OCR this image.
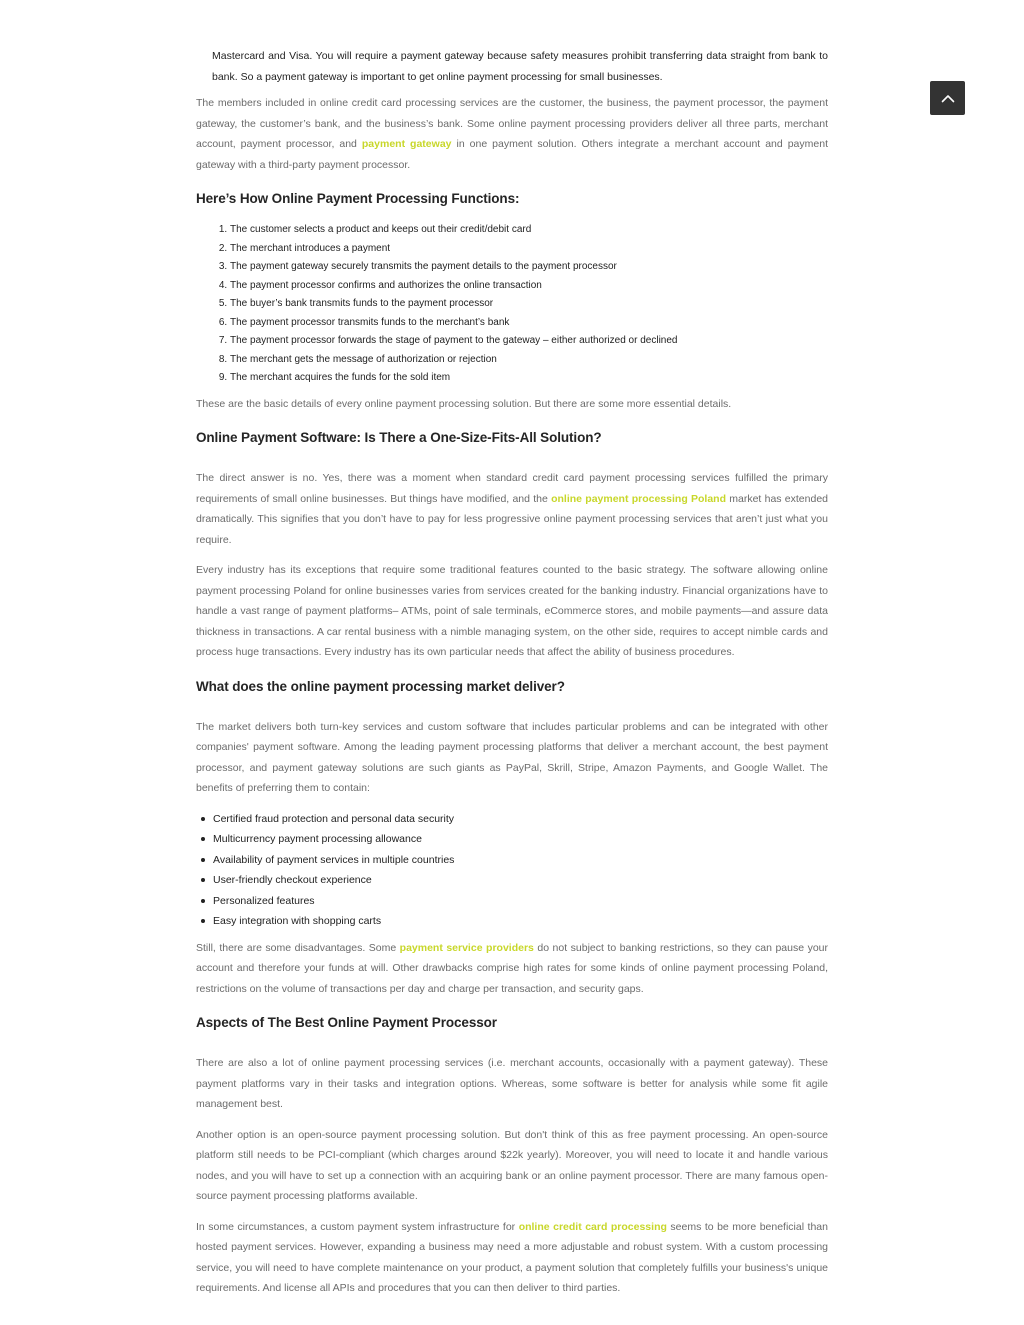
Mastercard and Visa. You will require a payment gateway because safety measures prohibit transferring data straight from bank to bank. So a payment gateway is important to get online payment processing for small businesses.

The members included in online credit card processing services are the customer, the business, the payment processor, the payment gateway, the customer’s bank, and the business’s bank. Some online payment processing providers deliver all three parts, merchant account, payment processor, and payment gateway in one payment solution. Others integrate a merchant account and payment gateway with a third-party payment processor.

Here’s How Online Payment Processing Functions:
1. The customer selects a product and keeps out their credit/debit card
2. The merchant introduces a payment
3. The payment gateway securely transmits the payment details to the payment processor
4. The payment processor confirms and authorizes the online transaction
5. The buyer’s bank transmits funds to the payment processor
6. The payment processor transmits funds to the merchant’s bank
7. The payment processor forwards the stage of payment to the gateway – either authorized or declined
8. The merchant gets the message of authorization or rejection
9. The merchant acquires the funds for the sold item

These are the basic details of every online payment processing solution. But there are some more essential details.

Online Payment Software: Is There a One-Size-Fits-All Solution?

The direct answer is no. Yes, there was a moment when standard credit card payment processing services fulfilled the primary requirements of small online businesses. But things have modified, and the online payment processing Poland market has extended dramatically. This signifies that you don’t have to pay for less progressive online payment processing services that aren’t just what you require.

Every industry has its exceptions that require some traditional features counted to the basic strategy. The software allowing online payment processing Poland for online businesses varies from services created for the banking industry. Financial organizations have to handle a vast range of payment platforms– ATMs, point of sale terminals, eCommerce stores, and mobile payments—and assure data thickness in transactions. A car rental business with a nimble managing system, on the other side, requires to accept nimble cards and process huge transactions. Every industry has its own particular needs that affect the ability of business procedures.

What does the online payment processing market deliver?

The market delivers both turn-key services and custom software that includes particular problems and can be integrated with other companies' payment software. Among the leading payment processing platforms that deliver a merchant account, the best payment processor, and payment gateway solutions are such giants as PayPal, Skrill, Stripe, Amazon Payments, and Google Wallet. The benefits of preferring them to contain:

Certified fraud protection and personal data security
Multicurrency payment processing allowance
Availability of payment services in multiple countries
User-friendly checkout experience
Personalized features
Easy integration with shopping carts

Still, there are some disadvantages. Some payment service providers do not subject to banking restrictions, so they can pause your account and therefore your funds at will. Other drawbacks comprise high rates for some kinds of online payment processing Poland, restrictions on the volume of transactions per day and charge per transaction, and security gaps.

Aspects of The Best Online Payment Processor

There are also a lot of online payment processing services (i.e. merchant accounts, occasionally with a payment gateway). These payment platforms vary in their tasks and integration options. Whereas, some software is better for analysis while some fit agile management best.

Another option is an open-source payment processing solution. But don't think of this as free payment processing. An open-source platform still needs to be PCI-compliant (which charges around $22k yearly). Moreover, you will need to locate it and handle various nodes, and you will have to set up a connection with an acquiring bank or an online payment processor. There are many famous open-source payment processing platforms available.

In some circumstances, a custom payment system infrastructure for online credit card processing seems to be more beneficial than hosted payment services. However, expanding a business may need a more adjustable and robust system. With a custom processing service, you will need to have complete maintenance on your product, a payment solution that completely fulfills your business's unique requirements. And license all APIs and procedures that you can then deliver to third parties.
